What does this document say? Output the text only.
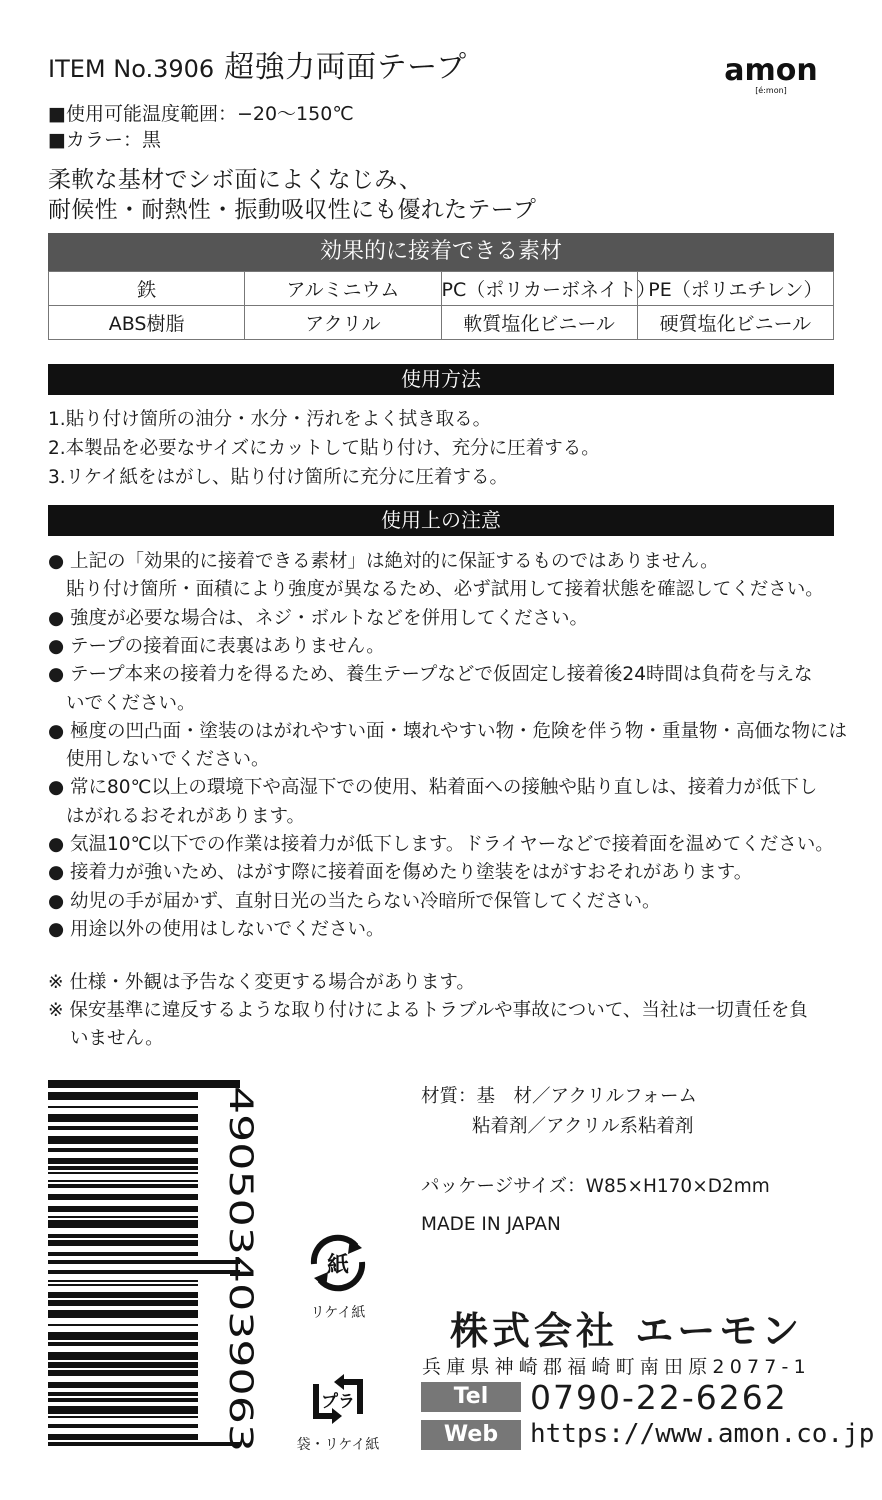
ITEM No.3906 超強力両面テープ	amon
[é:mon]
■使用可能温度範囲：−20～150℃
■カラー：黒
柔軟な基材でシボ面によくなじみ、
耐候性・耐熱性・振動吸収性にも優れたテープ
効果的に接着できる素材
鉄	アルミニウム	PC（ポリカーボネイト）	PE（ポリエチレン）
ABS樹脂	アクリル	軟質塩化ビニール	硬質塩化ビニール
使用方法
1.貼り付け箇所の油分・水分・汚れをよく拭き取る。
2.本製品を必要なサイズにカットして貼り付け、充分に圧着する。
3.リケイ紙をはがし、貼り付け箇所に充分に圧着する。
使用上の注意
● 上記の「効果的に接着できる素材」は絶対的に保証するものではありません。
貼り付け箇所・面積により強度が異なるため、必ず試用して接着状態を確認してください。
● 強度が必要な場合は、ネジ・ボルトなどを併用してください。
● テープの接着面に表裏はありません。
● テープ本来の接着力を得るため、養生テープなどで仮固定し接着後24時間は負荷を与えな
いでください。
● 極度の凹凸面・塗装のはがれやすい面・壊れやすい物・危険を伴う物・重量物・高価な物には
使用しないでください。
● 常に80℃以上の環境下や高湿下での使用、粘着面への接触や貼り直しは、接着力が低下し
はがれるおそれがあります。
● 気温10℃以下での作業は接着力が低下します。ドライヤーなどで接着面を温めてください。
● 接着力が強いため、はがす際に接着面を傷めたり塗装をはがすおそれがあります。
● 幼児の手が届かず、直射日光の当たらない冷暗所で保管してください。
● 用途以外の使用はしないでください。
※ 仕様・外観は予告なく変更する場合があります。
※ 保安基準に違反するような取り付けによるトラブルや事故について、当社は一切責任を負
いません。
4905034039063	紙
リケイ紙
プラ
袋・リケイ紙
材質：基　材／アクリルフォーム
粘着剤／アクリル系粘着剤
パッケージサイズ：W85×H170×D2mm
MADE IN JAPAN
株式会社 エーモン
兵庫県神崎郡福崎町南田原2077-1
Tel	0790-22-6262
Web	https://www.amon.co.jp
